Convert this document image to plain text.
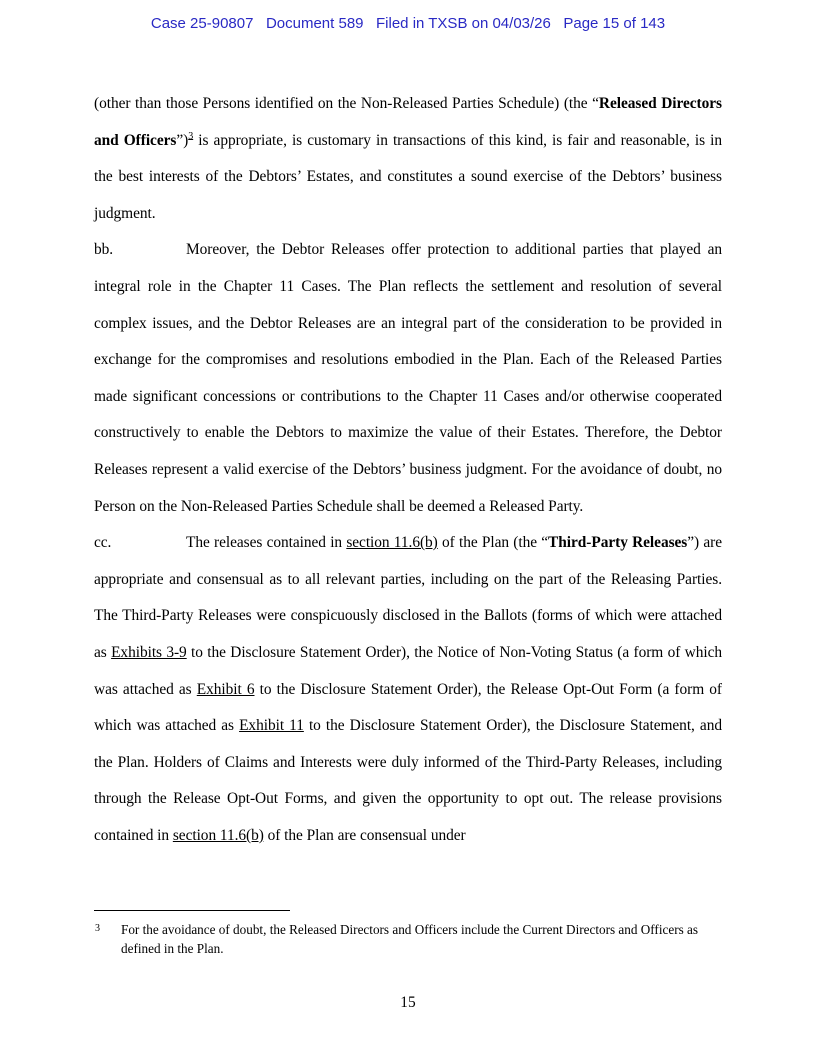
Case 25-90807   Document 589   Filed in TXSB on 04/03/26   Page 15 of 143
(other than those Persons identified on the Non-Released Parties Schedule) (the “Released Directors and Officers”)$^3$ is appropriate, is customary in transactions of this kind, is fair and reasonable, is in the best interests of the Debtors’ Estates, and constitutes a sound exercise of the Debtors’ business judgment.
bb.	Moreover, the Debtor Releases offer protection to additional parties that played an integral role in the Chapter 11 Cases. The Plan reflects the settlement and resolution of several complex issues, and the Debtor Releases are an integral part of the consideration to be provided in exchange for the compromises and resolutions embodied in the Plan. Each of the Released Parties made significant concessions or contributions to the Chapter 11 Cases and/or otherwise cooperated constructively to enable the Debtors to maximize the value of their Estates. Therefore, the Debtor Releases represent a valid exercise of the Debtors’ business judgment. For the avoidance of doubt, no Person on the Non-Released Parties Schedule shall be deemed a Released Party.
cc.	The releases contained in section 11.6(b) of the Plan (the “Third-Party Releases”) are appropriate and consensual as to all relevant parties, including on the part of the Releasing Parties. The Third-Party Releases were conspicuously disclosed in the Ballots (forms of which were attached as Exhibits 3-9 to the Disclosure Statement Order), the Notice of Non-Voting Status (a form of which was attached as Exhibit 6 to the Disclosure Statement Order), the Release Opt-Out Form (a form of which was attached as Exhibit 11 to the Disclosure Statement Order), the Disclosure Statement, and the Plan. Holders of Claims and Interests were duly informed of the Third-Party Releases, including through the Release Opt-Out Forms, and given the opportunity to opt out. The release provisions contained in section 11.6(b) of the Plan are consensual under
3 For the avoidance of doubt, the Released Directors and Officers include the Current Directors and Officers as defined in the Plan.
15
